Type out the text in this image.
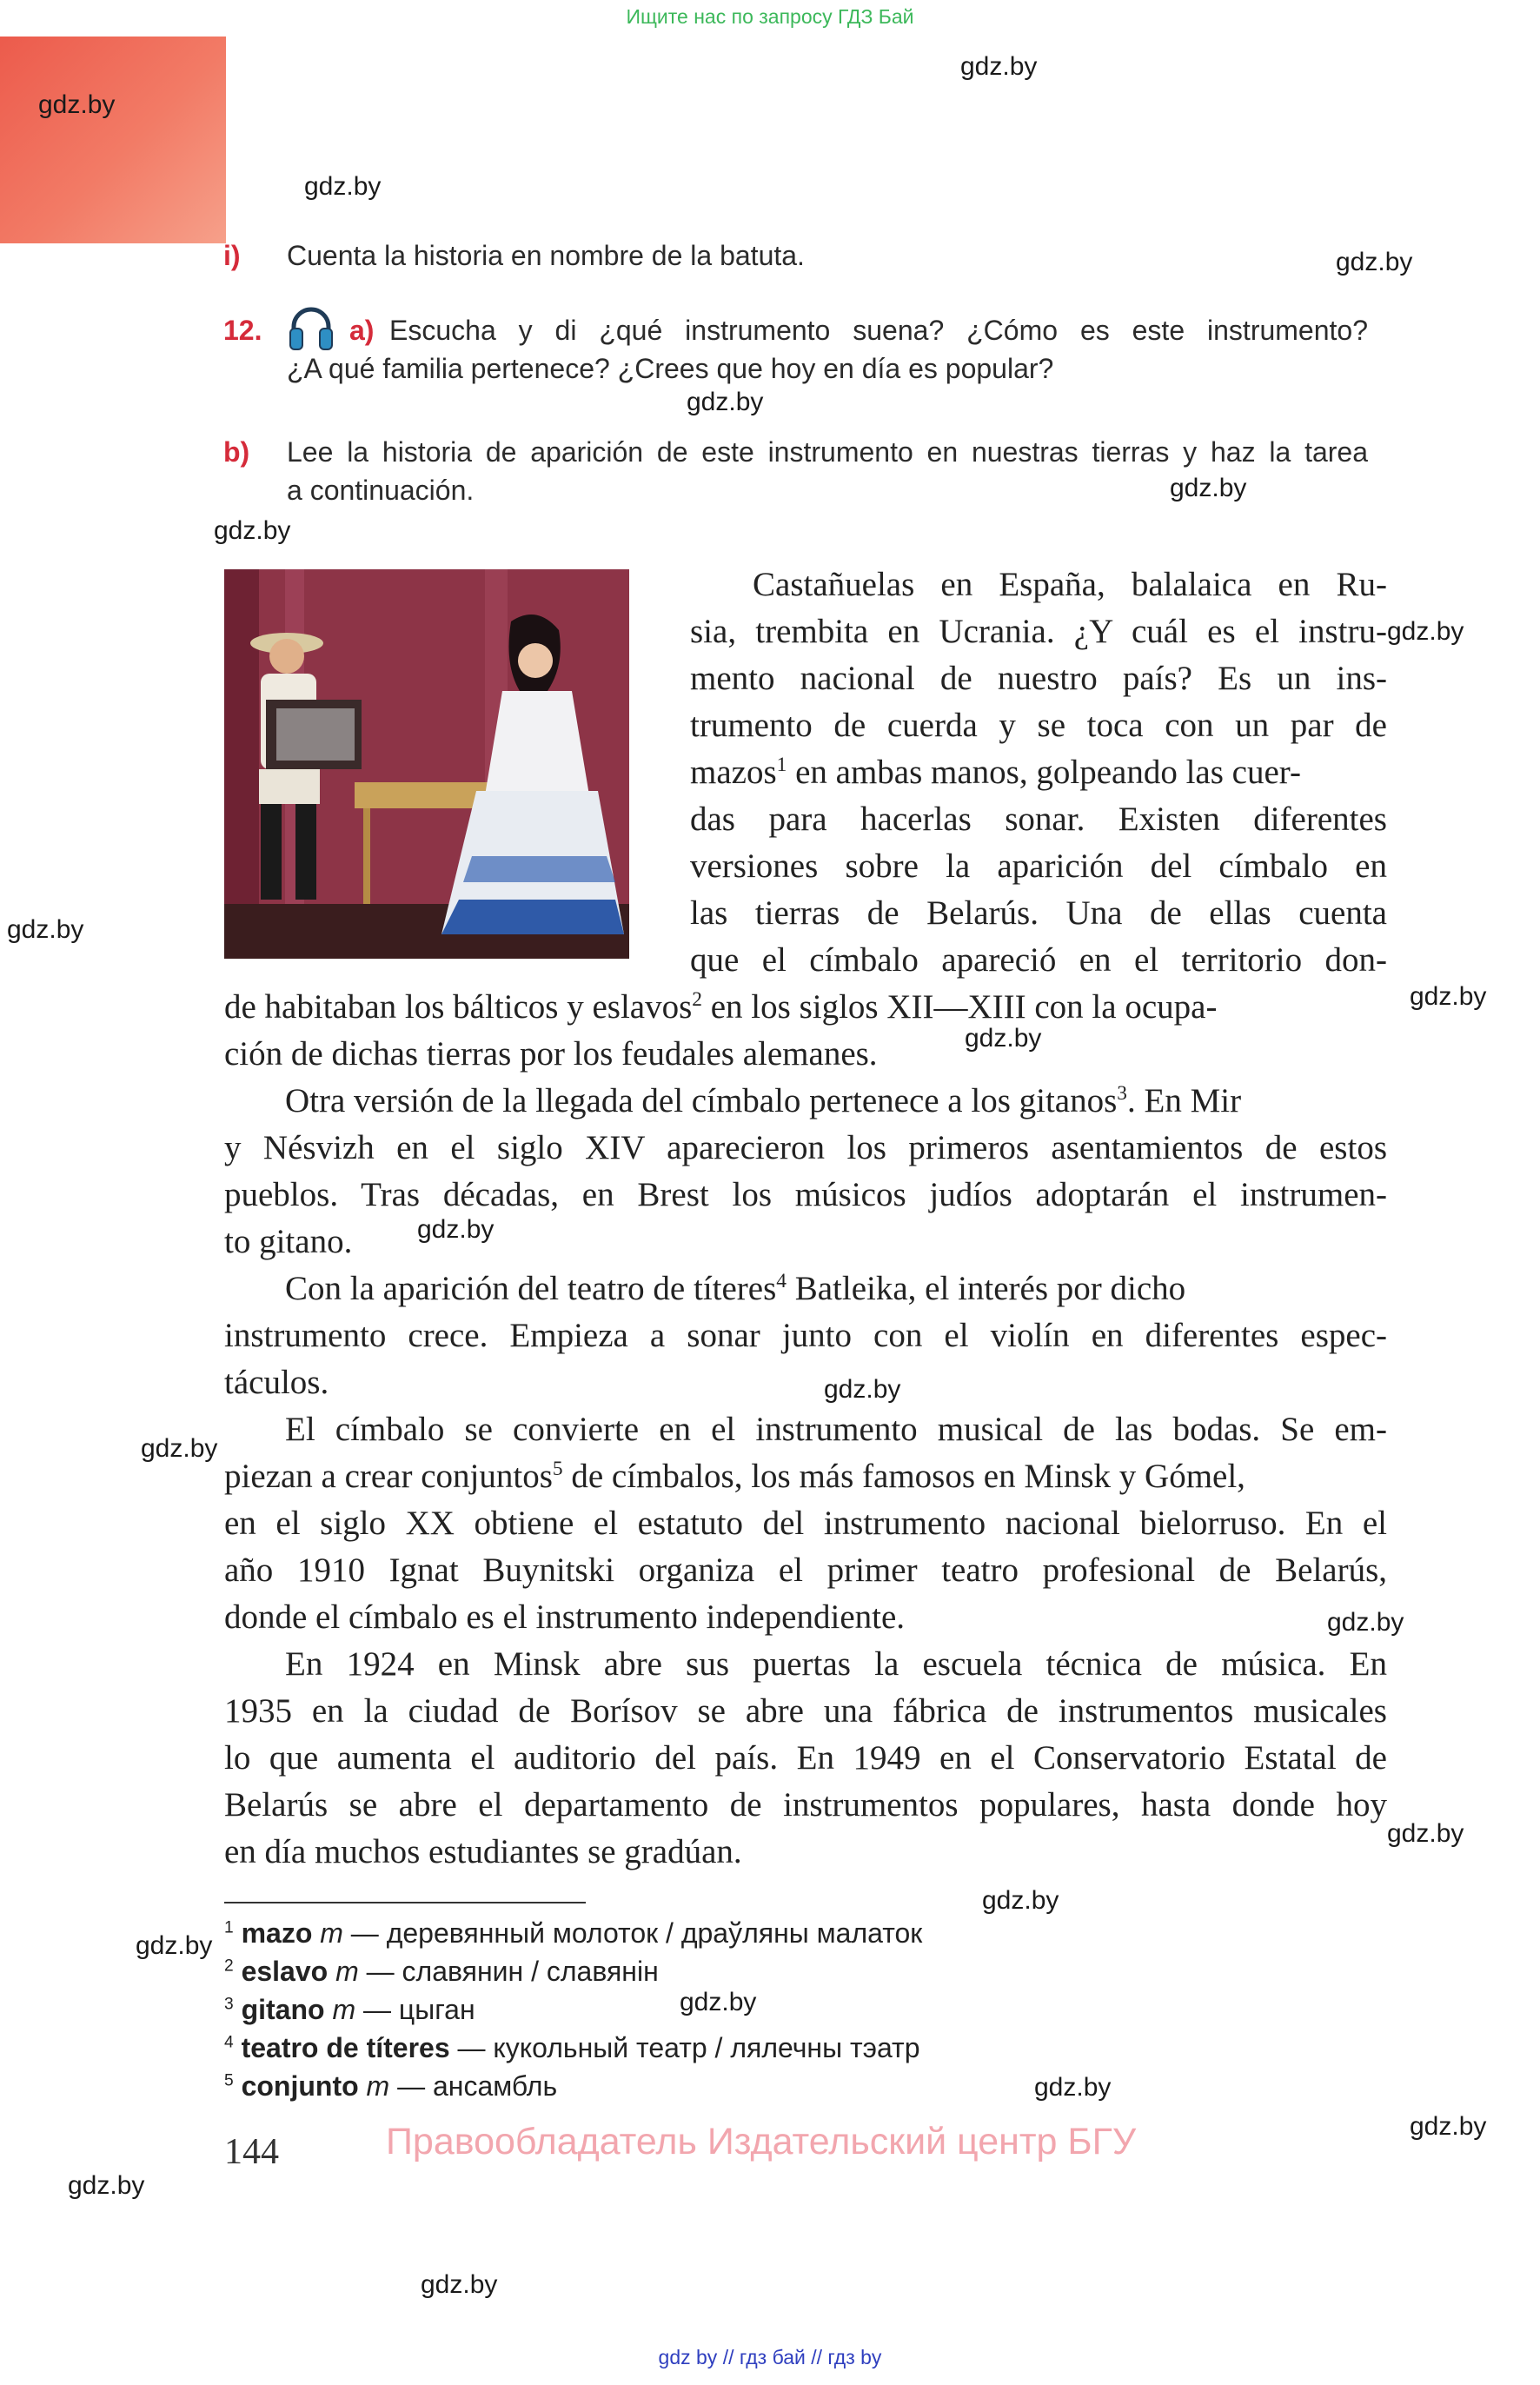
Ищите нас по запросу ГДЗ Бай
gdz.by
gdz.by
gdz.by
gdz.by
gdz.by
gdz.by
gdz.by
gdz.by
gdz.by
gdz.by
gdz.by
gdz.by
gdz.by
gdz.by
gdz.by
gdz.by
gdz.by
gdz.by
gdz.by
gdz.by
gdz.by
gdz.by
gdz.by
i) Cuenta la historia en nombre de la batuta.
12.	a) Escucha y di ¿qué instrumento suena? ¿Cómo es este instrumento?
¿A qué familia pertenece? ¿Crees que hoy en día es popular?
b) Lee la historia de aparición de este instrumento en nuestras tierras y haz la tarea
a continuación.
Castañuelas en España, balalaica en Ru-
sia, trembita en Ucrania. ¿Y cuál es el instru-
mento nacional de nuestro país? Es un ins-
trumento de cuerda y se toca con un par de
mazos$^1$ en ambas manos, golpeando las cuer-
das para hacerlas sonar. Existen diferentes
versiones sobre la aparición del címbalo en
las tierras de Belarús. Una de ellas cuenta
que el címbalo apareció en el territorio don-
de habitaban los bálticos y eslavos$^2$ en los siglos XII—XIII con la ocupa-
ción de dichas tierras por los feudales alemanes.
Otra versión de la llegada del címbalo pertenece a los gitanos$^3$. En Mir
y Nésvizh en el siglo XIV aparecieron los primeros asentamientos de estos
pueblos. Tras décadas, en Brest los músicos judíos adoptarán el instrumen-
to gitano.
Con la aparición del teatro de títeres$^4$ Batleika, el interés por dicho
instrumento crece. Empieza a sonar junto con el violín en diferentes espec-
táculos.
El címbalo se convierte en el instrumento musical de las bodas. Se em-
piezan a crear conjuntos$^5$ de címbalos, los más famosos en Minsk y Gómel,
en el siglo XX obtiene el estatuto del instrumento nacional bielorruso. En el
año 1910 Ignat Buynitski organiza el primer teatro profesional de Belarús,
donde el címbalo es el instrumento independiente.
En 1924 en Minsk abre sus puertas la escuela técnica de música. En
1935 en la ciudad de Borísov se abre una fábrica de instrumentos musicales
lo que aumenta el auditorio del país. En 1949 en el Conservatorio Estatal de
Belarús se abre el departamento de instrumentos populares, hasta donde hoy
en día muchos estudiantes se gradúan.
$^1$ mazo m — деревянный молоток / драўляны малаток
$^2$ eslavo m — славянин / славянін
$^3$ gitano m — цыган
$^4$ teatro de títeres — кукольный театр / лялечны тэатр
$^5$ conjunto m — ансамбль
144	Правообладатель Издательский центр БГУ
gdz by // гдз бай // гдз by
